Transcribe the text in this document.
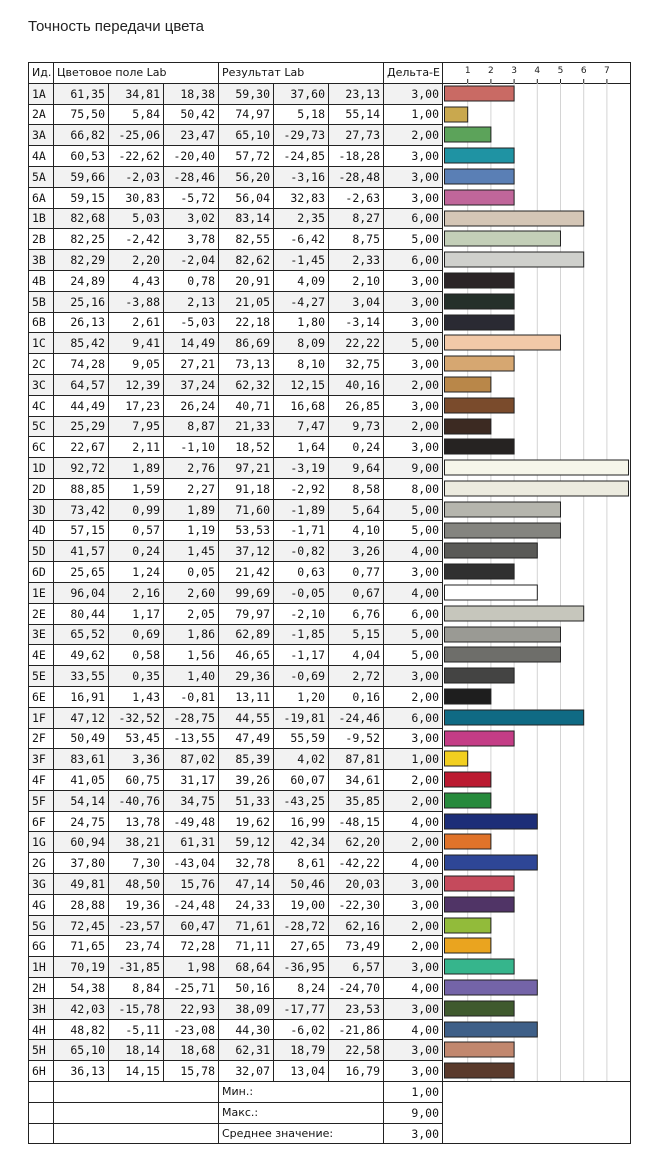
Точность передачи цвета
Ид.	Цветовое поле Lab			Результат Lab			Дельта-E
1A	61,35	34,81	18,38	59,30	37,60	23,13	3,00
2A	75,50	5,84	50,42	74,97	5,18	55,14	1,00
3A	66,82	-25,06	23,47	65,10	-29,73	27,73	2,00
4A	60,53	-22,62	-20,40	57,72	-24,85	-18,28	3,00
5A	59,66	-2,03	-28,46	56,20	-3,16	-28,48	3,00
6A	59,15	30,83	-5,72	56,04	32,83	-2,63	3,00
1B	82,68	5,03	3,02	83,14	2,35	8,27	6,00
2B	82,25	-2,42	3,78	82,55	-6,42	8,75	5,00
3B	82,29	2,20	-2,04	82,62	-1,45	2,33	6,00
4B	24,89	4,43	0,78	20,91	4,09	2,10	3,00
5B	25,16	-3,88	2,13	21,05	-4,27	3,04	3,00
6B	26,13	2,61	-5,03	22,18	1,80	-3,14	3,00
1C	85,42	9,41	14,49	86,69	8,09	22,22	5,00
2C	74,28	9,05	27,21	73,13	8,10	32,75	3,00
3C	64,57	12,39	37,24	62,32	12,15	40,16	2,00
4C	44,49	17,23	26,24	40,71	16,68	26,85	3,00
5C	25,29	7,95	8,87	21,33	7,47	9,73	2,00
6C	22,67	2,11	-1,10	18,52	1,64	0,24	3,00
1D	92,72	1,89	2,76	97,21	-3,19	9,64	9,00
2D	88,85	1,59	2,27	91,18	-2,92	8,58	8,00
3D	73,42	0,99	1,89	71,60	-1,89	5,64	5,00
4D	57,15	0,57	1,19	53,53	-1,71	4,10	5,00
5D	41,57	0,24	1,45	37,12	-0,82	3,26	4,00
6D	25,65	1,24	0,05	21,42	0,63	0,77	3,00
1E	96,04	2,16	2,60	99,69	-0,05	0,67	4,00
2E	80,44	1,17	2,05	79,97	-2,10	6,76	6,00
3E	65,52	0,69	1,86	62,89	-1,85	5,15	5,00
4E	49,62	0,58	1,56	46,65	-1,17	4,04	5,00
5E	33,55	0,35	1,40	29,36	-0,69	2,72	3,00
6E	16,91	1,43	-0,81	13,11	1,20	0,16	2,00
1F	47,12	-32,52	-28,75	44,55	-19,81	-24,46	6,00
2F	50,49	53,45	-13,55	47,49	55,59	-9,52	3,00
3F	83,61	3,36	87,02	85,39	4,02	87,81	1,00
4F	41,05	60,75	31,17	39,26	60,07	34,61	2,00
5F	54,14	-40,76	34,75	51,33	-43,25	35,85	2,00
6F	24,75	13,78	-49,48	19,62	16,99	-48,15	4,00
1G	60,94	38,21	61,31	59,12	42,34	62,20	2,00
2G	37,80	7,30	-43,04	32,78	8,61	-42,22	4,00
3G	49,81	48,50	15,76	47,14	50,46	20,03	3,00
4G	28,88	19,36	-24,48	24,33	19,00	-22,30	3,00
5G	72,45	-23,57	60,47	71,61	-28,72	62,16	2,00
6G	71,65	23,74	72,28	71,11	27,65	73,49	2,00
1H	70,19	-31,85	1,98	68,64	-36,95	6,57	3,00
2H	54,38	8,84	-25,71	50,16	8,24	-24,70	4,00
3H	42,03	-15,78	22,93	38,09	-17,77	23,53	3,00
4H	48,82	-5,11	-23,08	44,30	-6,02	-21,86	4,00
5H	65,10	18,14	18,68	62,31	18,79	22,58	3,00
6H	36,13	14,15	15,78	32,07	13,04	16,79	3,00
				Мин.:			1,00
				Макс.:			9,00
				Среднее значение:			3,00
1 2 3 4 5 6 7
